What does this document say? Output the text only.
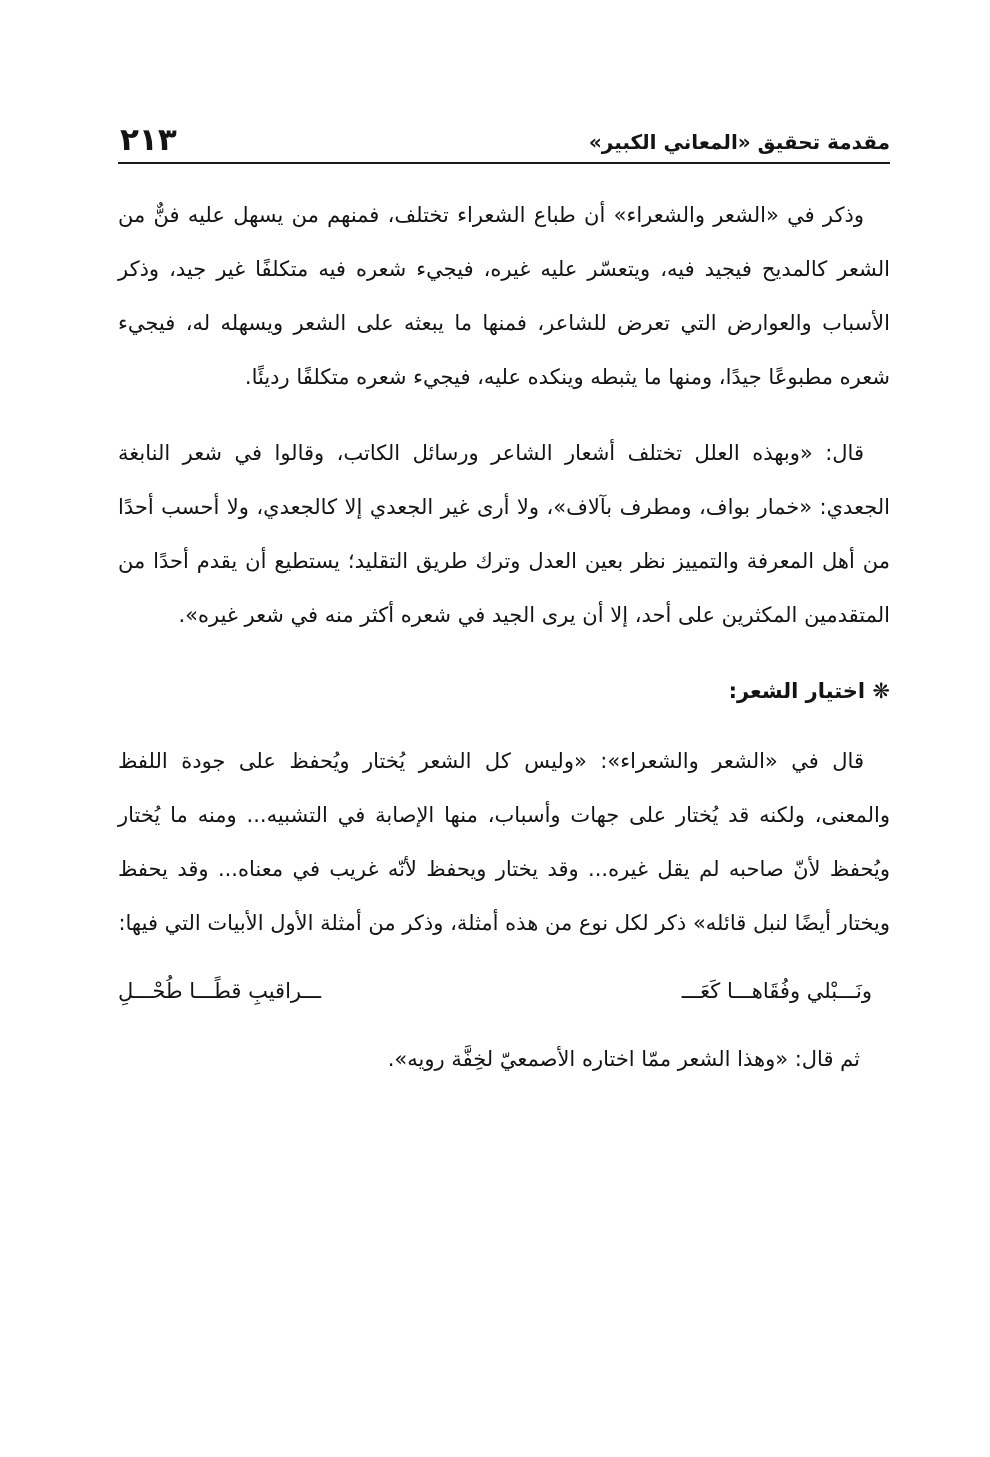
مقدمة تحقيق «المعاني الكبير»
٢١٣

وذكر في «الشعر والشعراء» أن طباع الشعراء تختلف، فمنهم من يسهل عليه فنٌّ من الشعر كالمديح فيجيد فيه، ويتعسّر عليه غيره، فيجيء شعره فيه متكلفًا غير جيد، وذكر الأسباب والعوارض التي تعرض للشاعر، فمنها ما يبعثه على الشعر ويسهله له، فيجيء شعره مطبوعًا جيدًا، ومنها ما يثبطه وينكده عليه، فيجيء شعره متكلفًا رديئًا.

قال: «وبهذه العلل تختلف أشعار الشاعر ورسائل الكاتب، وقالوا في شعر النابغة الجعدي: «خمار بواف، ومطرف بآلاف»، ولا أرى غير الجعدي إلا كالجعدي، ولا أحسب أحدًا من أهل المعرفة والتمييز نظر بعين العدل وترك طريق التقليد؛ يستطيع أن يقدم أحدًا من المتقدمين المكثرين على أحد، إلا أن يرى الجيد في شعره أكثر منه في شعر غيره».

❋ اختيار الشعر:

قال في «الشعر والشعراء»: «وليس كل الشعر يُختار ويُحفظ على جودة اللفظ والمعنى، ولكنه قد يُختار على جهات وأسباب، منها الإصابة في التشبيه... ومنه ما يُختار ويُحفظ لأنّ صاحبه لم يقل غيره... وقد يختار ويحفظ لأنّه غريب في معناه... وقد يحفظ ويختار أيضًا لنبل قائله» ذكر لكل نوع من هذه أمثلة، وذكر من أمثلة الأول الأبيات التي فيها:

ونَـــبْلي وفُقَاهـــا كَعَـــ
ـــراقيبِ قطًـــا طُحْـــلِ

ثم قال: «وهذا الشعر ممّا اختاره الأصمعيّ لخِفَّة رويه».
